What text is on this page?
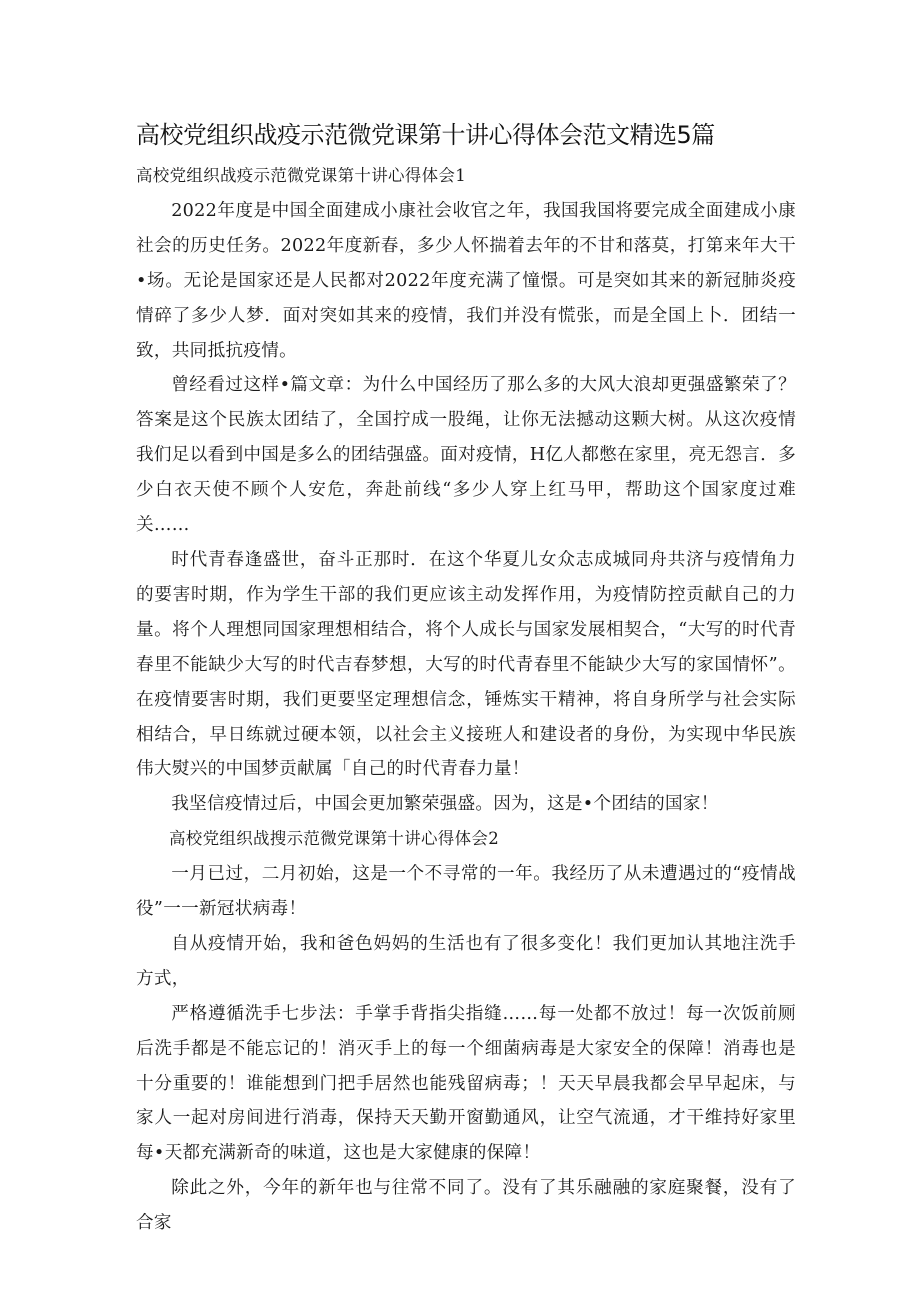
高校党组织战疫示范微党课第十讲心得体会范文精选5篇

高校党组织战疫示范微党课第十讲心得体会1

2022年度是中国全面建成小康社会收官之年，我国我国将要完成全面建成小康社会的历史任务。2022年度新春，多少人怀揣着去年的不甘和落莫，打第来年大干•场。无论是国家还是人民都对2022年度充满了憧憬。可是突如其来的新冠肺炎疫情碎了多少人梦．面对突如其来的疫情，我们并没有慌张，而是全国上卜．团结一致，共同抵抗疫情。

曾经看过这样•篇文章：为什么中国经历了那么多的大风大浪却更强盛繁荣了？答案是这个民族太团结了，全国拧成一股绳，让你无法撼动这颗大树。从这次疫情我们足以看到中国是多么的团结强盛。面对疫情，H亿人都憋在家里，亮无怨言．多少白衣天使不顾个人安危，奔赴前线“多少人穿上红马甲，帮助这个国家度过难关……

时代青春逢盛世，奋斗正那时．在这个华夏儿女众志成城同舟共济与疫情角力的要害时期，作为学生干部的我们更应该主动发挥作用，为疫情防控贡献自己的力量。将个人理想同国家理想相结合，将个人成长与国家发展相契合，“大写的时代青春里不能缺少大写的时代吉春梦想，大写的时代青春里不能缺少大写的家国情怀”。在疫情要害时期，我们更要坚定理想信念，锤炼实干精神，将自身所学与社会实际相结合，早日练就过硬本领，以社会主义接班人和建设者的身份，为实现中华民族伟大熨兴的中国梦贡献属「自己的时代青春力量！

我坚信疫情过后，中国会更加繁荣强盛。因为，这是•个团结的国家！

高校党组织战搜示范微党课第十讲心得体会2

一月已过，二月初始，这是一个不寻常的一年。我经历了从未遭遇过的“疫情战役”一一新冠状病毒！

自从疫情开始，我和爸色妈妈的生活也有了很多变化！我们更加认其地注洗手方式，

严格遵循洗手七步法：手掌手背指尖指缝……每一处都不放过！每一次饭前厕后洗手都是不能忘记的！消灭手上的每一个细菌病毒是大家安全的保障！消毒也是十分重要的！谁能想到门把手居然也能残留病毒；！天天早晨我都会早早起床，与家人一起对房间进行消毒，保持天天勤开窗勤通风，让空气流通，才干维持好家里每•天都充满新奇的味道，这也是大家健康的保障！

除此之外，今年的新年也与往常不同了。没有了其乐融融的家庭聚餐，没有了合家
